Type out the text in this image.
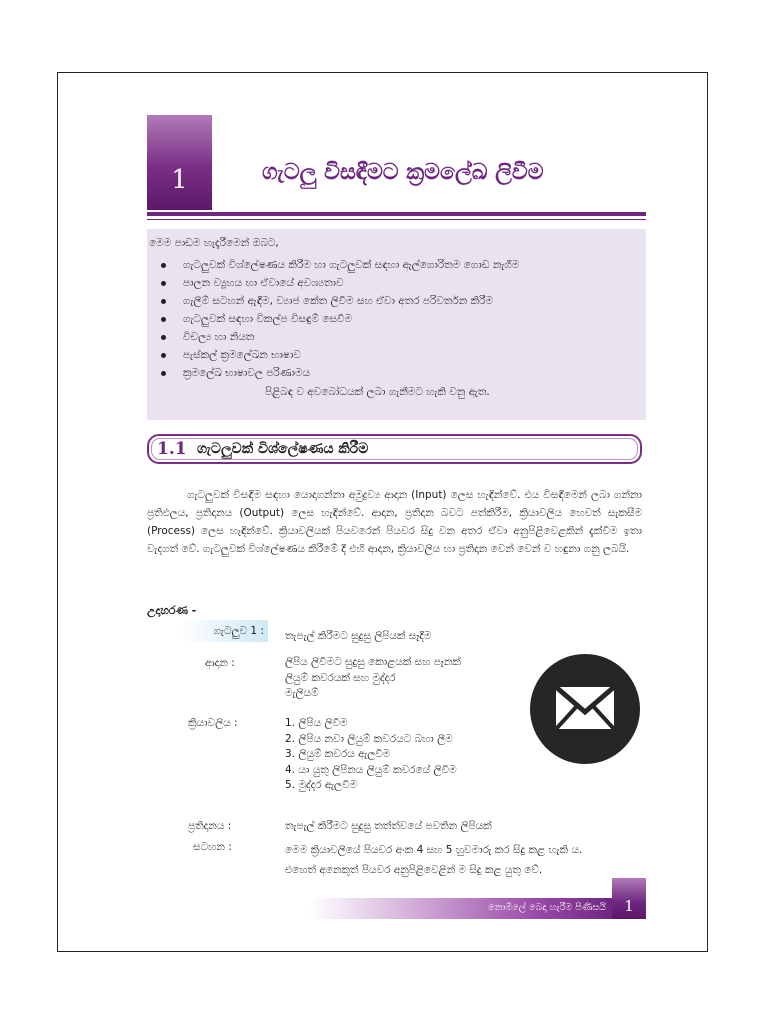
1	ගැටලු විසඳීමට ක්‍රමලේඛ ලිවීම
මෙම පාඩම හැදෑරීමෙන් ඔබට,
ගැටලුවක් විශ්ලේෂණය කිරීම හා ගැටලුවක් සඳහා ඇල්ගොරිතම ගොඩ නැගීම
පාලන ව්‍යූහය හා ඒවායේ අවශ්‍යතාව
ගැලීම් සටහන් ඇඳීම, ව්‍යාජ කේත ලිවීම සහ ඒවා අතර පරිවර්තන කිරීම
ගැටලුවක් සඳහා විකල්ප විසඳුම් සෙවීම
විචල්‍ය හා නියත
පැස්කල් ක්‍රමලේඛන භාෂාව
ක්‍රමලේඛ භාෂාවල පරිණාමය
පිළිබඳ ව අවබෝධයක් ලබා ගැනීමට හැකි වනු ඇත.
1.1 ගැටලුවක් විශ්ලේෂණය කිරීම

ගැටලුවක් විසඳීම සඳහා යොදාගන්නා අමුද්‍රව්‍ය ආදාන (Input) ලෙස හැඳින්වේ. එය විසඳීමෙන් ලබා ගන්නා ප්‍රතිඵලය, ප්‍රතිදානය (Output) ලෙස හැඳින්වේ. ආදාන, ප්‍රතිදාන බවට පත්කිරීම, ක්‍රියාවලිය හෙවත් සැකසීම (Process) ලෙස හැඳින්වේ. ක්‍රියාවලියක් පියවරෙන් පියවර සිදු වන අතර ඒවා අනුපිළිවෙළකින් දැක්වීම ඉතා වැදගත් වේ. ගැටලුවක් විශ්ලේෂණය කිරීමේ දී එහි ආදාන, ක්‍රියාවලිය හා ප්‍රතිදාන වෙන් වෙන් ව හඳුනා ගනු ලබයි.

උදාහරණ -
ගැටලුව 1 :	තැපැල් කිරීමට සුදුසු ලිපියක් සෑදීම
ආදාන :	ලිපිය ලිවීමට සුදුසු කොළයක් සහ පෑනක්
ලියුම් කවරයක් සහ මුද්දර
මැලියම්
ක්‍රියාවලිය :	1. ලිපිය ලිවීම
2. ලිපිය නවා ලියුම් කවරයට බහා ලීම
3. ලියුම් කවරය ඇලවීම
4. යා යුතු ලිපිනය ලියුම් කවරයේ ලිවීම
5. මුද්දර ඇලවීම
ප්‍රතිදානය :	තැපැල් කිරීමට සුදුසු තත්ත්වයේ පවතින ලිපියක්
සටහන :	මෙම ක්‍රියාවලියේ පියවර අංක 4 සහ 5 හුවමාරු කර සිදු කළ හැකි ය.
එහෙත් අනෙකුත් පියවර අනුපිළිවෙළින් ම සිදු කළ යුතු වේ.
නොමිලේ බෙදා හැරීම පිණිසයි	1
